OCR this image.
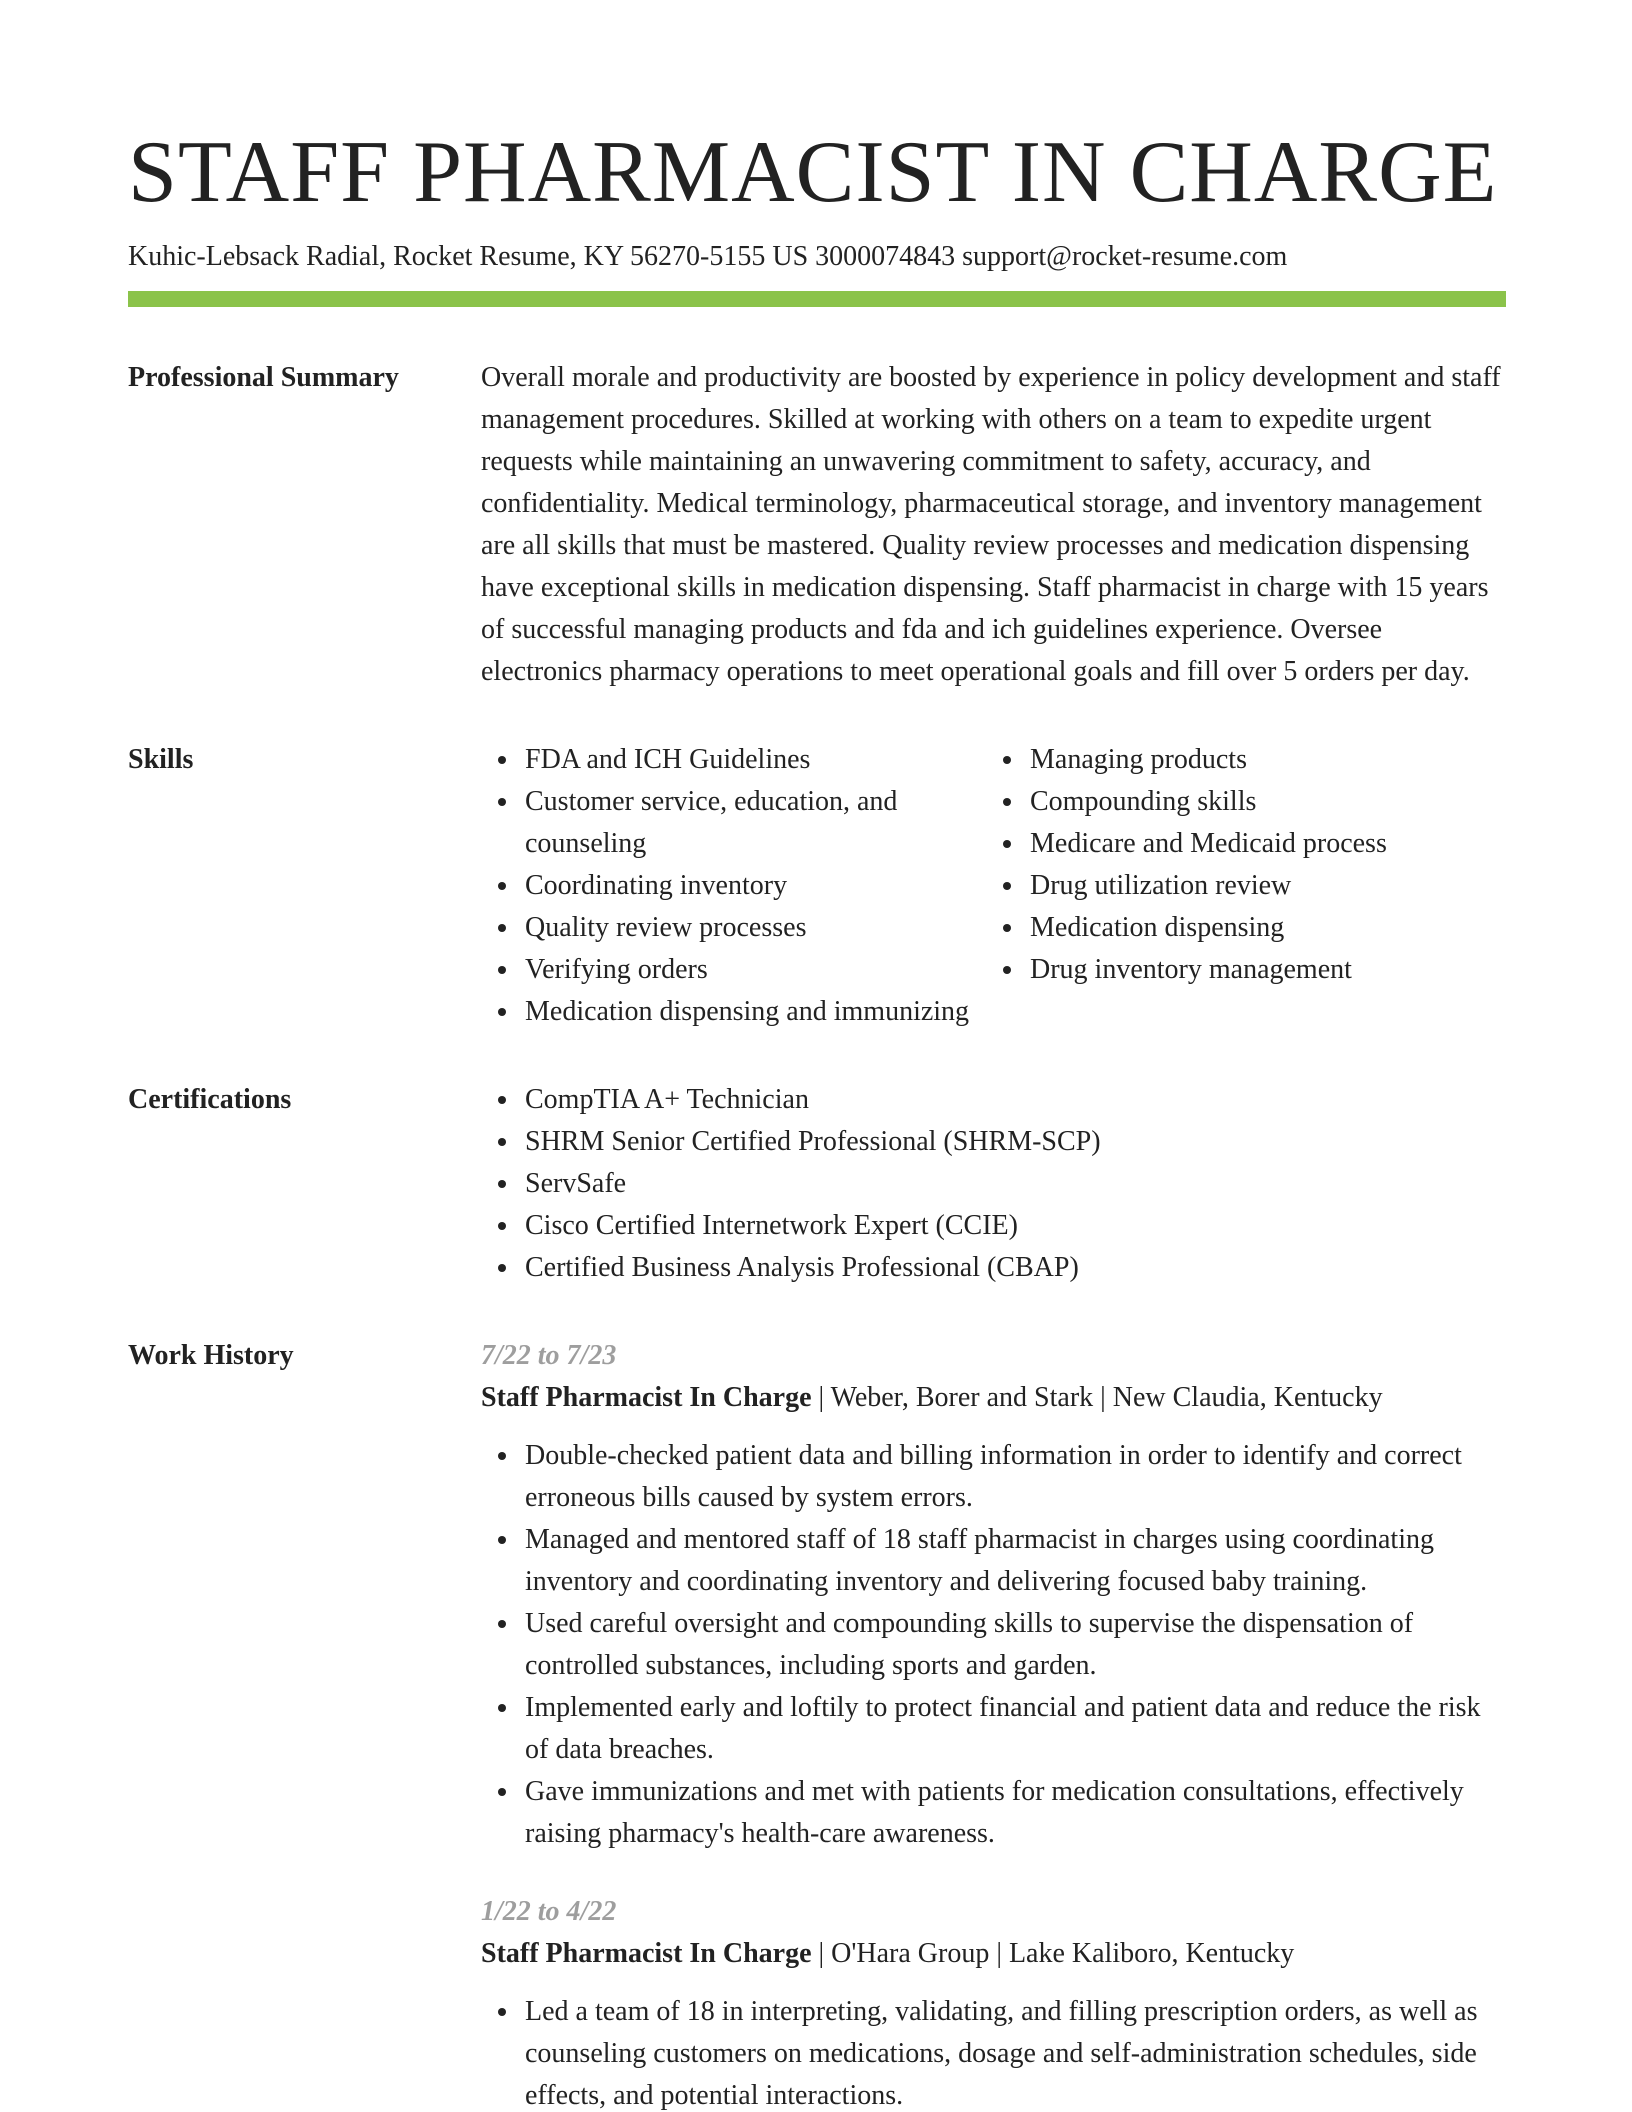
STAFF PHARMACIST IN CHARGE
Kuhic-Lebsack Radial, Rocket Resume, KY 56270-5155 US 3000074843 support@rocket-resume.com
Professional Summary	Overall morale and productivity are boosted by experience in policy development and staff management procedures. Skilled at working with others on a team to expedite urgent requests while maintaining an unwavering commitment to safety, accuracy, and confidentiality. Medical terminology, pharmaceutical storage, and inventory management are all skills that must be mastered. Quality review processes and medication dispensing have exceptional skills in medication dispensing. Staff pharmacist in charge with 15 years of successful managing products and fda and ich guidelines experience. Oversee electronics pharmacy operations to meet operational goals and fill over 5 orders per day.
Skills	FDA and ICH Guidelines
Customer service, education, and counseling
Coordinating inventory
Quality review processes
Verifying orders
Medication dispensing and immunizing
Managing products
Compounding skills
Medicare and Medicaid process
Drug utilization review
Medication dispensing
Drug inventory management
Certifications	CompTIA A+ Technician
SHRM Senior Certified Professional (SHRM-SCP)
ServSafe
Cisco Certified Internetwork Expert (CCIE)
Certified Business Analysis Professional (CBAP)
Work History	7/22 to 7/23
Staff Pharmacist In Charge | Weber, Borer and Stark | New Claudia, Kentucky
Double-checked patient data and billing information in order to identify and correct erroneous bills caused by system errors.
Managed and mentored staff of 18 staff pharmacist in charges using coordinating inventory and coordinating inventory and delivering focused baby training.
Used careful oversight and compounding skills to supervise the dispensation of controlled substances, including sports and garden.
Implemented early and loftily to protect financial and patient data and reduce the risk of data breaches.
Gave immunizations and met with patients for medication consultations, effectively raising pharmacy's health-care awareness.
1/22 to 4/22
Staff Pharmacist In Charge | O'Hara Group | Lake Kaliboro, Kentucky
Led a team of 18 in interpreting, validating, and filling prescription orders, as well as counseling customers on medications, dosage and self-administration schedules, side effects, and potential interactions.
